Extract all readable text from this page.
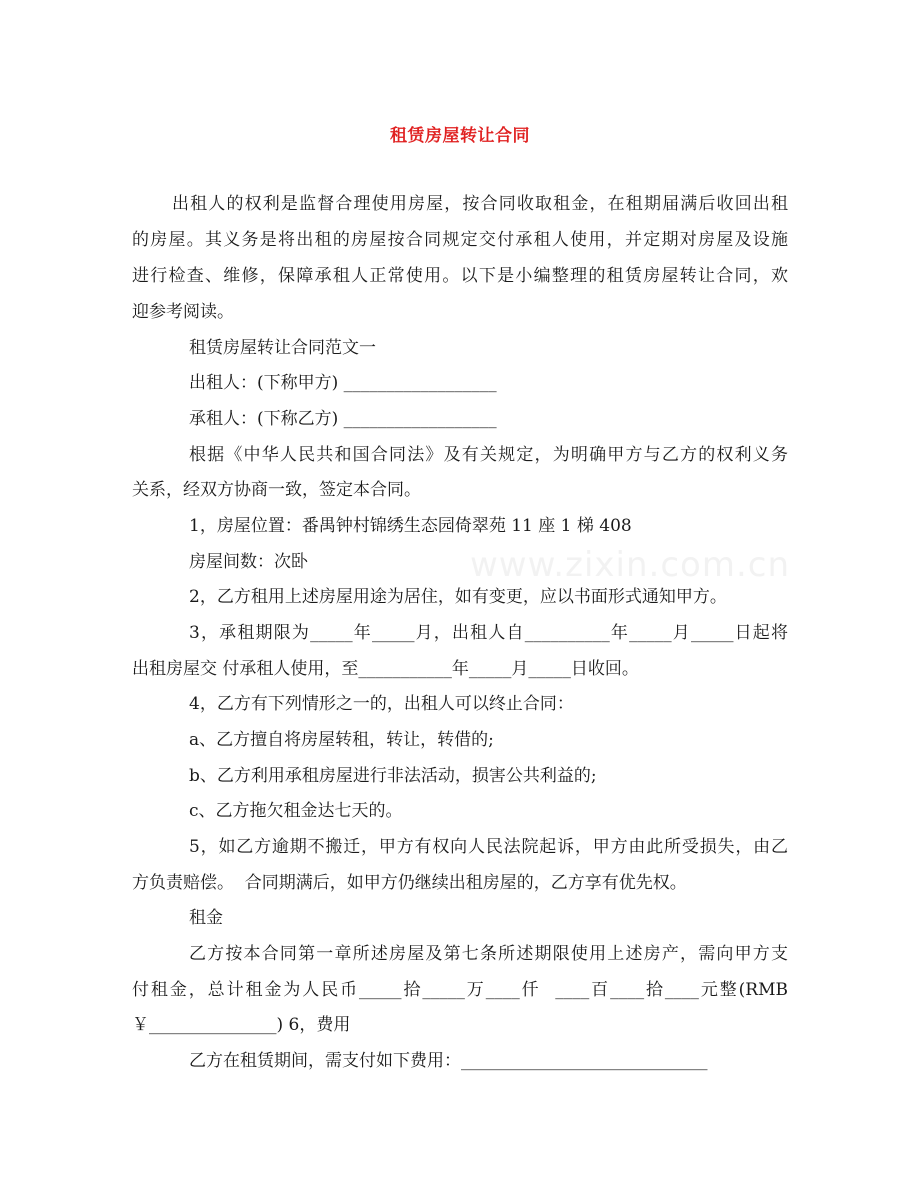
租赁房屋转让合同
www.zixin.com.cn
出租人的权利是监督合理使用房屋，按合同收取租金，在租期届满后收回出租
的房屋。其义务是将出租的房屋按合同规定交付承租人使用，并定期对房屋及设施
进行检查、维修，保障承租人正常使用。以下是小编整理的租赁房屋转让合同，欢
迎参考阅读。
租赁房屋转让合同范文一
出租人：(下称甲方) __________________
承租人：(下称乙方) __________________
根据《中华人民共和国合同法》及有关规定，为明确甲方与乙方的权利义务
关系，经双方协商一致，签定本合同。
1，房屋位置：番禺钟村锦绣生态园倚翠苑 11 座 1 梯 408
房屋间数：次卧
2，乙方租用上述房屋用途为居住，如有变更，应以书面形式通知甲方。
3，承租期限为_____年_____月，出租人自__________年_____月_____日起将
出租房屋交 付承租人使用，至___________年_____月_____日收回。
4，乙方有下列情形之一的，出租人可以终止合同：
a、乙方擅自将房屋转租，转让，转借的;
b、乙方利用承租房屋进行非法活动，损害公共利益的;
c、乙方拖欠租金达七天的。
5，如乙方逾期不搬迁，甲方有权向人民法院起诉，甲方由此所受损失，由乙
方负责赔偿。  合同期满后，如甲方仍继续出租房屋的，乙方享有优先权。
租金
乙方按本合同第一章所述房屋及第七条所述期限使用上述房产，需向甲方支
付租金，总计租金为人民币_____拾_____万____仟  ____百____拾____元整(RMB
￥_______________) 6，费用
乙方在租赁期间，需支付如下费用：_____________________________
